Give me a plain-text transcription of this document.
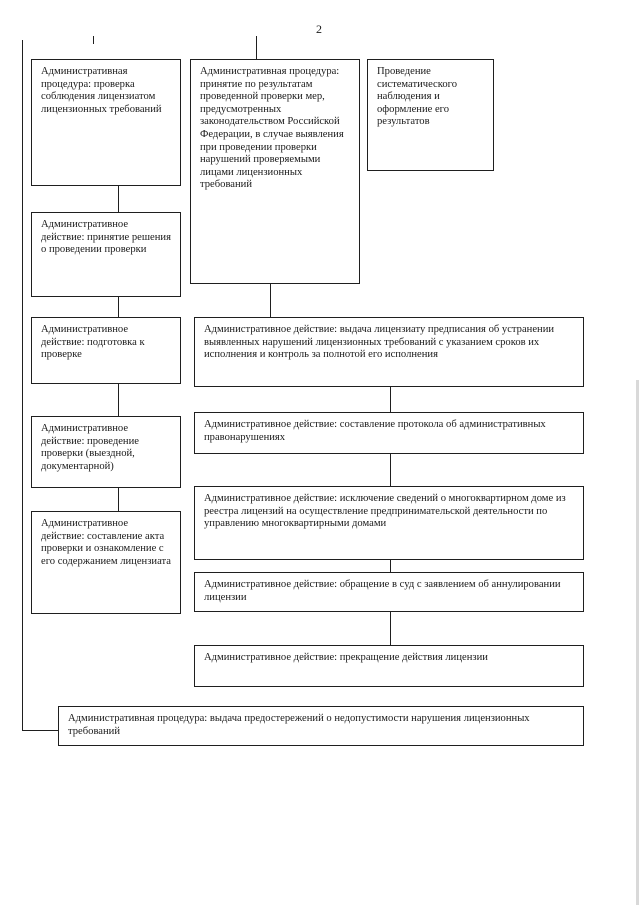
2
Административная процедура: проверка соблюдения лицензиатом лицензионных требований
Административное действие: принятие решения о проведении проверки
Административное действие: подготовка к проверке
Административное действие: проведение проверки (выездной, документарной)
Административное действие: составление акта проверки и ознакомление с его содержанием лицензиата
Административная процедура: принятие по результатам проведенной проверки мер, предусмотренных законодательством Российской Федерации, в случае выявления при проведении проверки нарушений проверяемыми лицами лицензионных требований
Проведение систематического наблюдения и оформление его результатов
Административное действие: выдача лицензиату предписания об устранении выявленных нарушений лицензионных требований с указанием сроков их исполнения и контроль за полнотой его исполнения
Административное действие: составление протокола об административных правонарушениях
Административное действие: исключение сведений о многоквартирном доме из реестра лицензий на осуществление предпринимательской деятельности по управлению многоквартирными домами
Административное действие: обращение в суд с заявлением об аннулировании лицензии
Административное действие: прекращение действия лицензии
Административная процедура: выдача предостережений о недопустимости нарушения лицензионных требований
